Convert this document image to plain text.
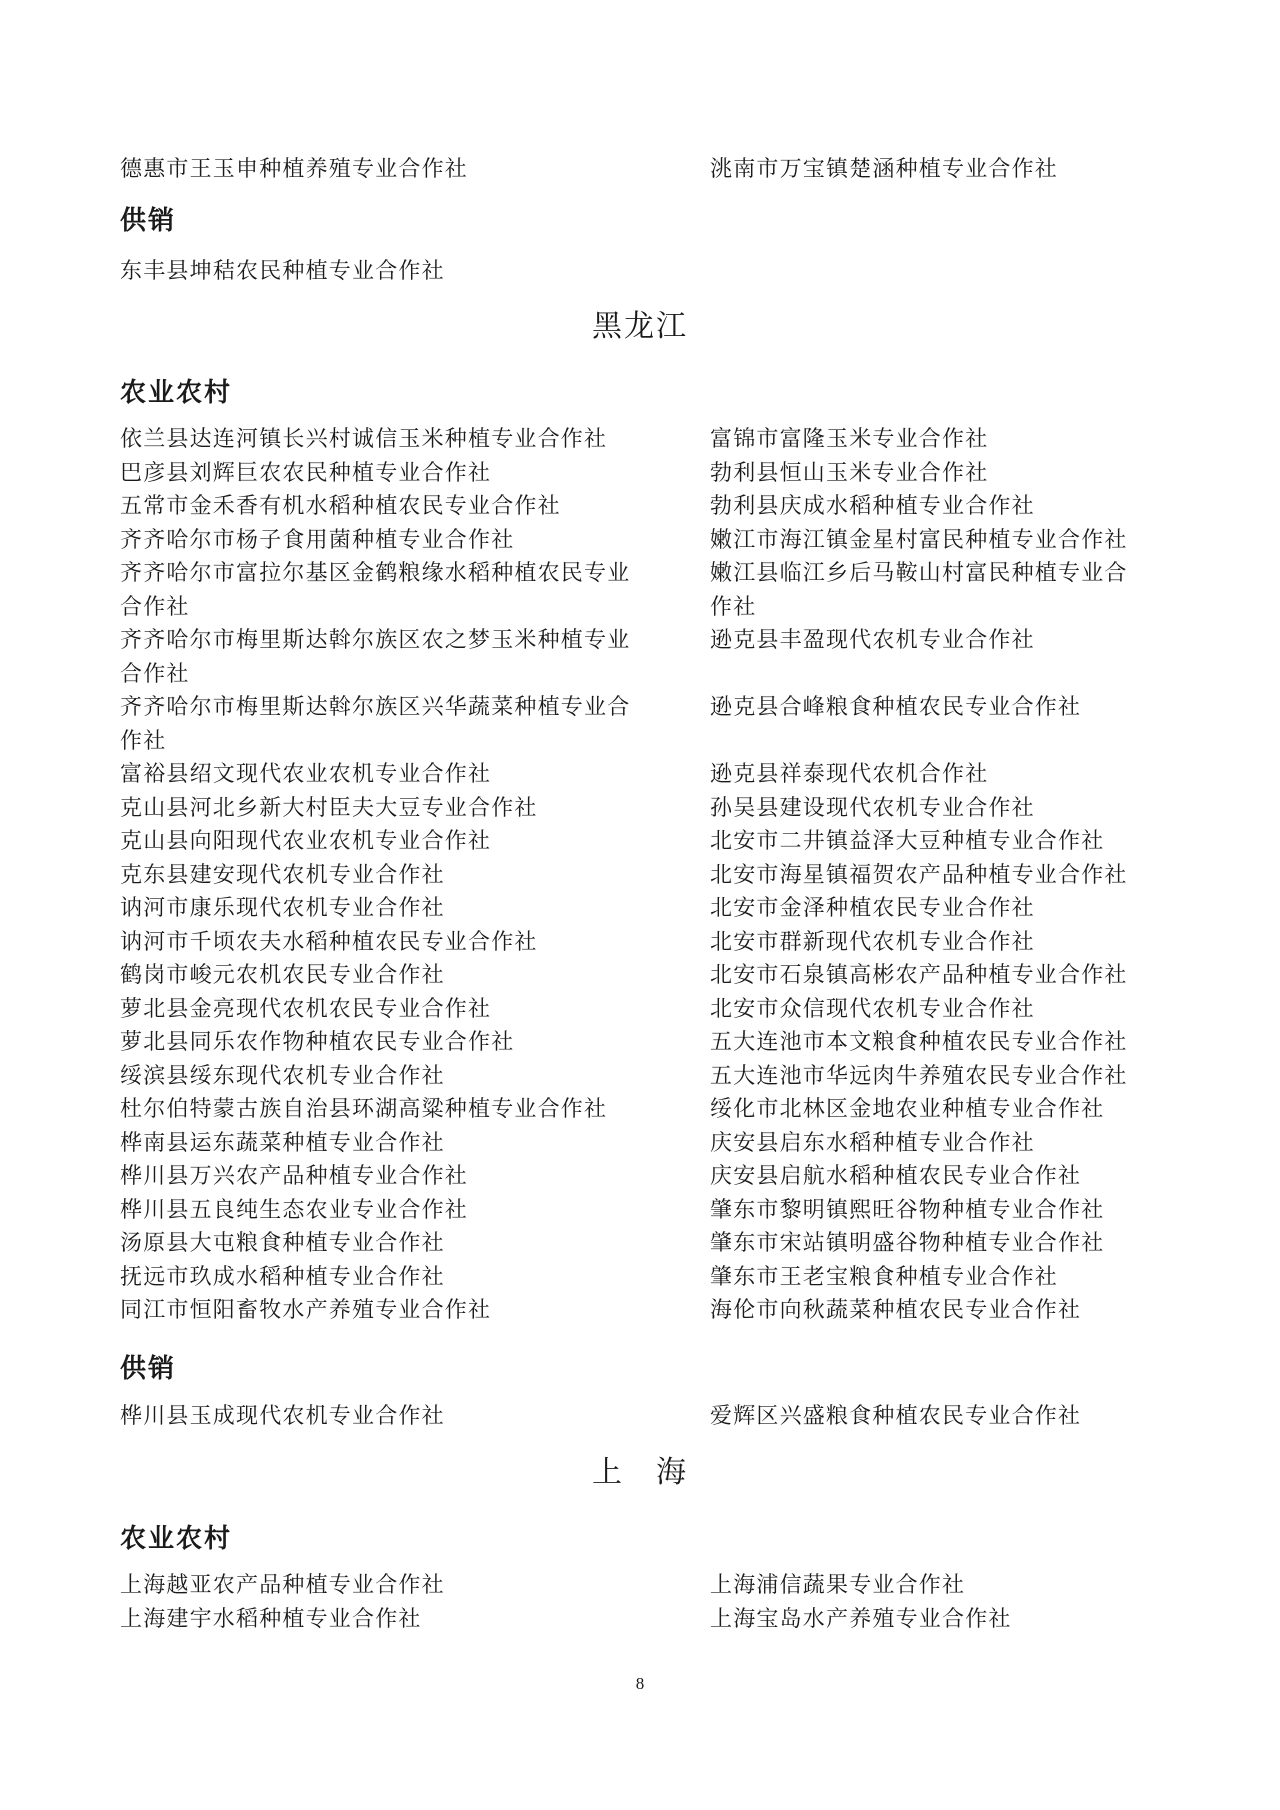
德惠市王玉申种植养殖专业合作社	洮南市万宝镇楚涵种植专业合作社
供销
东丰县坤秸农民种植专业合作社
黑龙江
农业农村
依兰县达连河镇长兴村诚信玉米种植专业合作社	富锦市富隆玉米专业合作社
巴彦县刘辉巨农农民种植专业合作社	勃利县恒山玉米专业合作社
五常市金禾香有机水稻种植农民专业合作社	勃利县庆成水稻种植专业合作社
齐齐哈尔市杨子食用菌种植专业合作社	嫩江市海江镇金星村富民种植专业合作社
齐齐哈尔市富拉尔基区金鹤粮缘水稻种植农民专业	嫩江县临江乡后马鞍山村富民种植专业合
合作社	作社
齐齐哈尔市梅里斯达斡尔族区农之梦玉米种植专业	逊克县丰盈现代农机专业合作社
合作社
齐齐哈尔市梅里斯达斡尔族区兴华蔬菜种植专业合	逊克县合峰粮食种植农民专业合作社
作社
富裕县绍文现代农业农机专业合作社	逊克县祥泰现代农机合作社
克山县河北乡新大村臣夫大豆专业合作社	孙吴县建设现代农机专业合作社
克山县向阳现代农业农机专业合作社	北安市二井镇益泽大豆种植专业合作社
克东县建安现代农机专业合作社	北安市海星镇福贺农产品种植专业合作社
讷河市康乐现代农机专业合作社	北安市金泽种植农民专业合作社
讷河市千顷农夫水稻种植农民专业合作社	北安市群新现代农机专业合作社
鹤岗市峻元农机农民专业合作社	北安市石泉镇高彬农产品种植专业合作社
萝北县金亮现代农机农民专业合作社	北安市众信现代农机专业合作社
萝北县同乐农作物种植农民专业合作社	五大连池市本文粮食种植农民专业合作社
绥滨县绥东现代农机专业合作社	五大连池市华远肉牛养殖农民专业合作社
杜尔伯特蒙古族自治县环湖高粱种植专业合作社	绥化市北林区金地农业种植专业合作社
桦南县运东蔬菜种植专业合作社	庆安县启东水稻种植专业合作社
桦川县万兴农产品种植专业合作社	庆安县启航水稻种植农民专业合作社
桦川县五良纯生态农业专业合作社	肇东市黎明镇熙旺谷物种植专业合作社
汤原县大屯粮食种植专业合作社	肇东市宋站镇明盛谷物种植专业合作社
抚远市玖成水稻种植专业合作社	肇东市王老宝粮食种植专业合作社
同江市恒阳畜牧水产养殖专业合作社	海伦市向秋蔬菜种植农民专业合作社
供销
桦川县玉成现代农机专业合作社	爱辉区兴盛粮食种植农民专业合作社
上　海
农业农村
上海越亚农产品种植专业合作社	上海浦信蔬果专业合作社
上海建宇水稻种植专业合作社	上海宝岛水产养殖专业合作社
8
